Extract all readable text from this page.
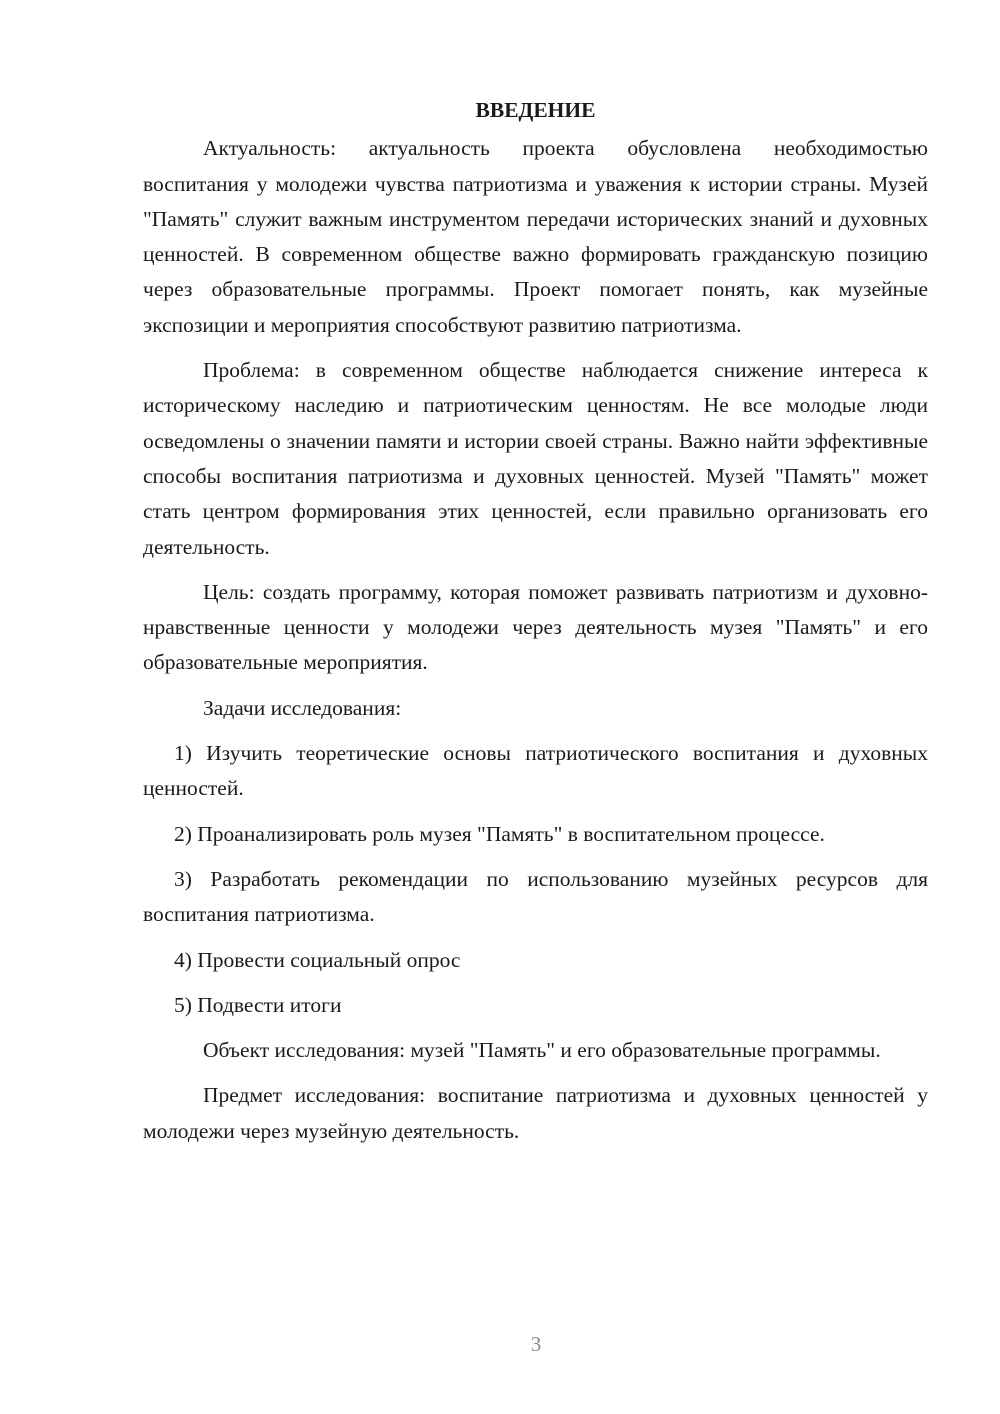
ВВЕДЕНИЕ

Актуальность: актуальность проекта обусловлена необходимостью воспитания у молодежи чувства патриотизма и уважения к истории страны. Музей "Память" служит важным инструментом передачи исторических знаний и духовных ценностей. В современном обществе важно формировать гражданскую позицию через образовательные программы. Проект помогает понять, как музейные экспозиции и мероприятия способствуют развитию патриотизма.

Проблема: в современном обществе наблюдается снижение интереса к историческому наследию и патриотическим ценностям. Не все молодые люди осведомлены о значении памяти и истории своей страны. Важно найти эффективные способы воспитания патриотизма и духовных ценностей. Музей "Память" может стать центром формирования этих ценностей, если правильно организовать его деятельность.

Цель: создать программу, которая поможет развивать патриотизм и духовно-нравственные ценности у молодежи через деятельность музея "Память" и его образовательные мероприятия.

Задачи исследования:

1) Изучить теоретические основы патриотического воспитания и духовных ценностей.

2) Проанализировать роль музея "Память" в воспитательном процессе.

3) Разработать рекомендации по использованию музейных ресурсов для воспитания патриотизма.

4) Провести социальный опрос

5) Подвести итоги

Объект исследования: музей "Память" и его образовательные программы.

Предмет исследования: воспитание патриотизма и духовных ценностей у молодежи через музейную деятельность.

3
